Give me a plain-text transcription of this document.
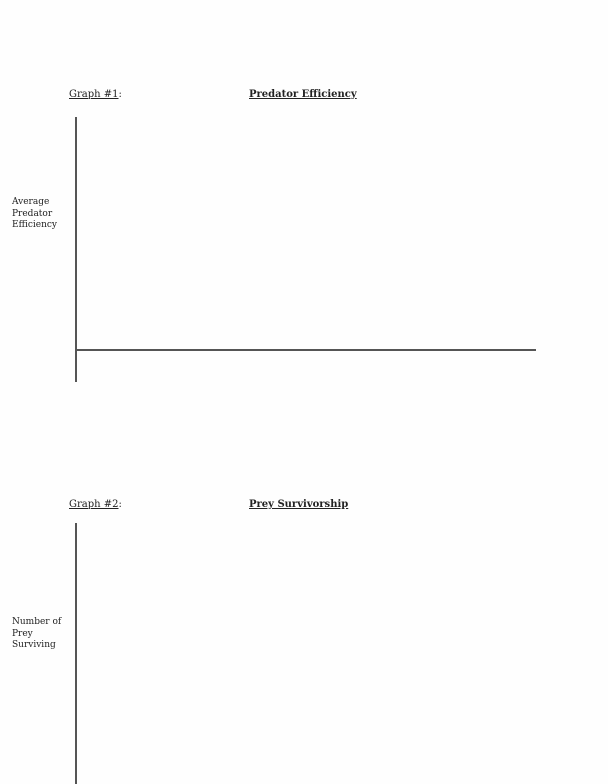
Graph #1:	Predator Efficiency
Average
Predator
Efficiency
Graph #2:	Prey Survivorship
Number of
Prey
Surviving
